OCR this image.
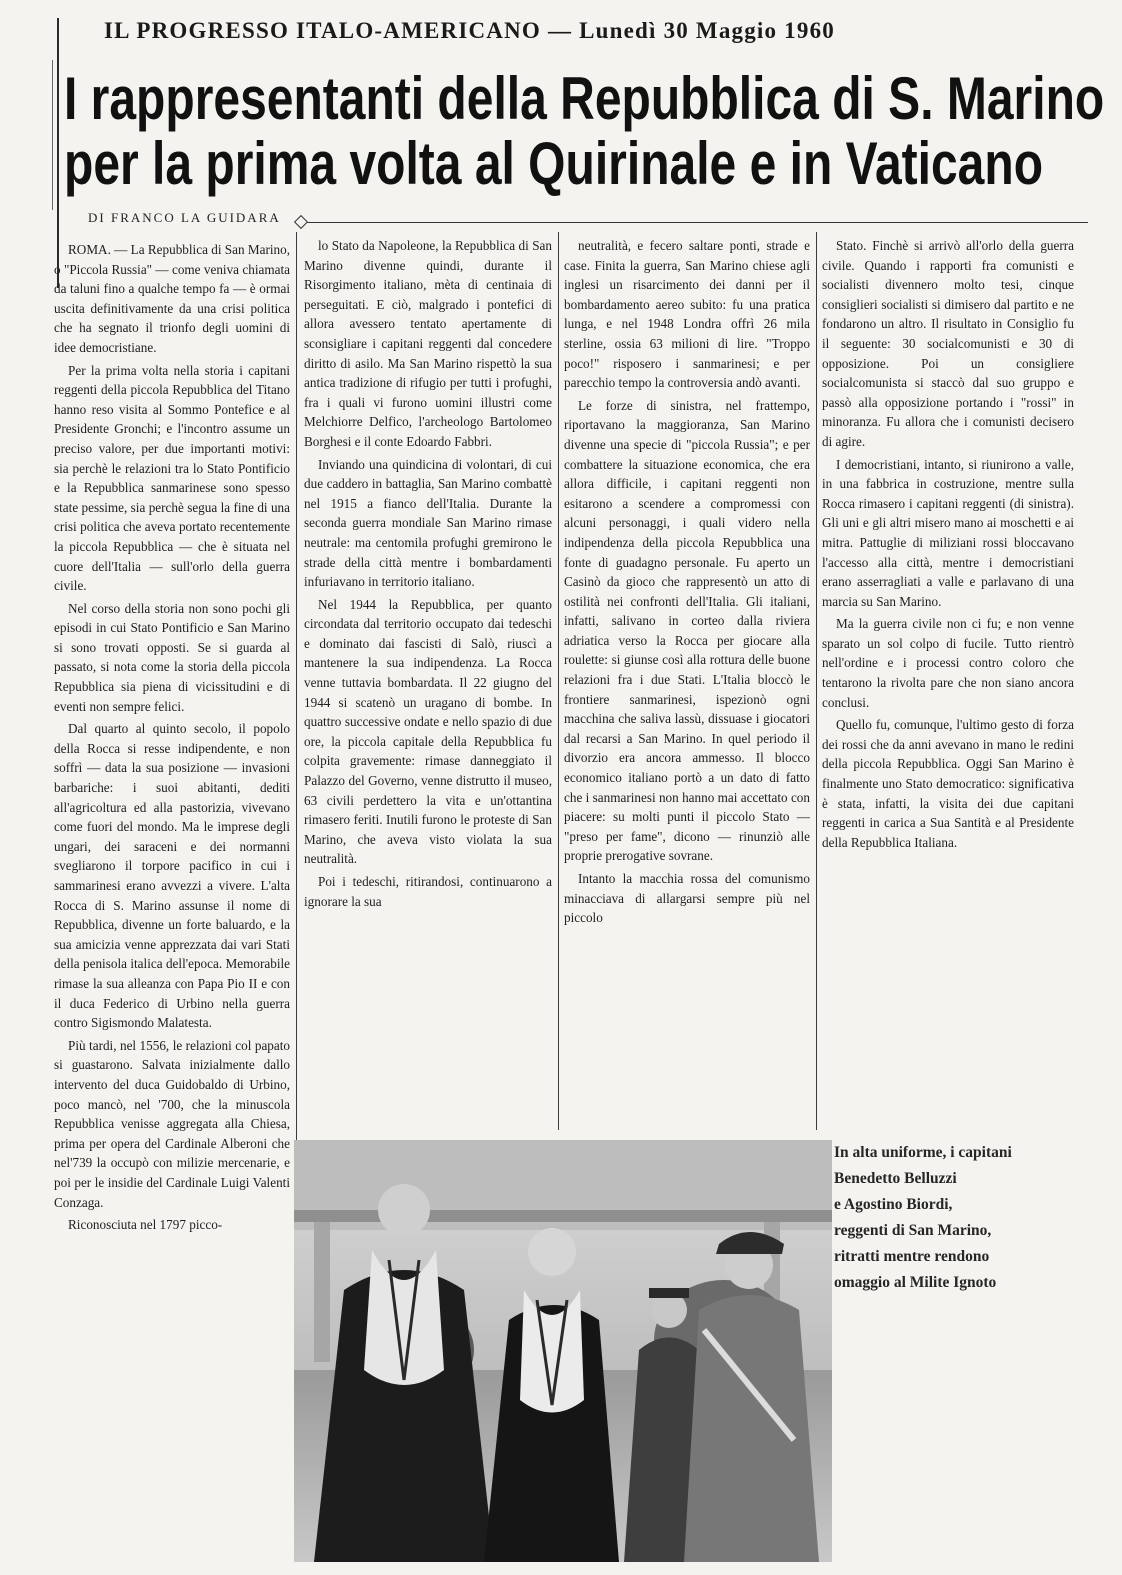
IL PROGRESSO ITALO-AMERICANO — Lunedì 30 Maggio 1960
I rappresentanti della Repubblica di S. Marino
per la prima volta al Quirinale e in Vaticano
DI FRANCO LA GUIDARA

ROMA. — La Repubblica di San Marino, o "Piccola Russia" — come veniva chiamata da taluni fino a qualche tempo fa — è ormai uscita definitivamente da una crisi politica che ha segnato il trionfo degli uomini di idee democristiane.

Per la prima volta nella storia i capitani reggenti della piccola Repubblica del Titano hanno reso visita al Sommo Pontefice e al Presidente Gronchi; e l'incontro assume un preciso valore, per due importanti motivi: sia perchè le relazioni tra lo Stato Pontificio e la Repubblica sanmarinese sono spesso state pessime, sia perchè segua la fine di una crisi politica che aveva portato recentemente la piccola Repubblica — che è situata nel cuore dell'Italia — sull'orlo della guerra civile.

Nel corso della storia non sono pochi gli episodi in cui Stato Pontificio e San Marino si sono trovati opposti. Se si guarda al passato, si nota come la storia della piccola Repubblica sia piena di vicissitudini e di eventi non sempre felici.

Dal quarto al quinto secolo, il popolo della Rocca si resse indipendente, e non soffrì — data la sua posizione — invasioni barbariche: i suoi abitanti, dediti all'agricoltura ed alla pastorizia, vivevano come fuori del mondo. Ma le imprese degli ungari, dei saraceni e dei normanni svegliarono il torpore pacifico in cui i sammarinesi erano avvezzi a vivere. L'alta Rocca di S. Marino assunse il nome di Repubblica, divenne un forte baluardo, e la sua amicizia venne apprezzata dai vari Stati della penisola italica dell'epoca. Memorabile rimase la sua alleanza con Papa Pio II e con il duca Federico di Urbino nella guerra contro Sigismondo Malatesta.

Più tardi, nel 1556, le relazioni col papato si guastarono. Salvata inizialmente dallo intervento del duca Guidobaldo di Urbino, poco mancò, nel '700, che la minuscola Repubblica venisse aggregata alla Chiesa, prima per opera del Cardinale Alberoni che nel'739 la occupò con milizie mercenarie, e poi per le insidie del Cardinale Luigi Valenti Conzaga.

Riconosciuta nel 1797 picco-

lo Stato da Napoleone, la Repubblica di San Marino divenne quindi, durante il Risorgimento italiano, mèta di centinaia di perseguitati. E ciò, malgrado i pontefici di allora avessero tentato apertamente di sconsigliare i capitani reggenti dal concedere diritto di asilo. Ma San Marino rispettò la sua antica tradizione di rifugio per tutti i profughi, fra i quali vi furono uomini illustri come Melchiorre Delfico, l'archeologo Bartolomeo Borghesi e il conte Edoardo Fabbri.

Inviando una quindicina di volontari, di cui due caddero in battaglia, San Marino combattè nel 1915 a fianco dell'Italia. Durante la seconda guerra mondiale San Marino rimase neutrale: ma centomila profughi gremirono le strade della città mentre i bombardamenti infuriavano in territorio italiano.

Nel 1944 la Repubblica, per quanto circondata dal territorio occupato dai tedeschi e dominato dai fascisti di Salò, riuscì a mantenere la sua indipendenza. La Rocca venne tuttavia bombardata. Il 22 giugno del 1944 si scatenò un uragano di bombe. In quattro successive ondate e nello spazio di due ore, la piccola capitale della Repubblica fu colpita gravemente: rimase danneggiato il Palazzo del Governo, venne distrutto il museo, 63 civili perdettero la vita e un'ottantina rimasero feriti. Inutili furono le proteste di San Marino, che aveva visto violata la sua neutralità.

Poi i tedeschi, ritirandosi, continuarono a ignorare la sua

neutralità, e fecero saltare ponti, strade e case. Finita la guerra, San Marino chiese agli inglesi un risarcimento dei danni per il bombardamento aereo subito: fu una pratica lunga, e nel 1948 Londra offrì 26 mila sterline, ossia 63 milioni di lire. "Troppo poco!" risposero i sanmarinesi; e per parecchio tempo la controversia andò avanti.

Le forze di sinistra, nel frattempo, riportavano la maggioranza, San Marino divenne una specie di "piccola Russia"; e per combattere la situazione economica, che era allora difficile, i capitani reggenti non esitarono a scendere a compromessi con alcuni personaggi, i quali videro nella indipendenza della piccola Repubblica una fonte di guadagno personale. Fu aperto un Casinò da gioco che rappresentò un atto di ostilità nei confronti dell'Italia. Gli italiani, infatti, salivano in corteo dalla riviera adriatica verso la Rocca per giocare alla roulette: si giunse così alla rottura delle buone relazioni fra i due Stati. L'Italia bloccò le frontiere sanmarinesi, ispezionò ogni macchina che saliva lassù, dissuase i giocatori dal recarsi a San Marino. In quel periodo il divorzio era ancora ammesso. Il blocco economico italiano portò a un dato di fatto che i sanmarinesi non hanno mai accettato con piacere: su molti punti il piccolo Stato — "preso per fame", dicono — rinunziò alle proprie prerogative sovrane.

Intanto la macchia rossa del comunismo minacciava di allargarsi sempre più nel piccolo

Stato. Finchè si arrivò all'orlo della guerra civile. Quando i rapporti fra comunisti e socialisti divennero molto tesi, cinque consiglieri socialisti si dimisero dal partito e ne fondarono un altro. Il risultato in Consiglio fu il seguente: 30 socialcomunisti e 30 di opposizione. Poi un consigliere socialcomunista si staccò dal suo gruppo e passò alla opposizione portando i "rossi" in minoranza. Fu allora che i comunisti decisero di agire.

I democristiani, intanto, si riunirono a valle, in una fabbrica in costruzione, mentre sulla Rocca rimasero i capitani reggenti (di sinistra). Gli uni e gli altri misero mano ai moschetti e ai mitra. Pattuglie di miliziani rossi bloccavano l'accesso alla città, mentre i democristiani erano asserragliati a valle e parlavano di una marcia su San Marino.

Ma la guerra civile non ci fu; e non venne sparato un sol colpo di fucile. Tutto rientrò nell'ordine e i processi contro coloro che tentarono la rivolta pare che non siano ancora conclusi.

Quello fu, comunque, l'ultimo gesto di forza dei rossi che da anni avevano in mano le redini della piccola Repubblica. Oggi San Marino è finalmente uno Stato democratico: significativa è stata, infatti, la visita dei due capitani reggenti in carica a Sua Santità e al Presidente della Repubblica Italiana.

In alta uniforme, i capitani
Benedetto Belluzzi
e Agostino Biordi,
reggenti di San Marino,
ritratti mentre rendono
omaggio al Milite Ignoto
